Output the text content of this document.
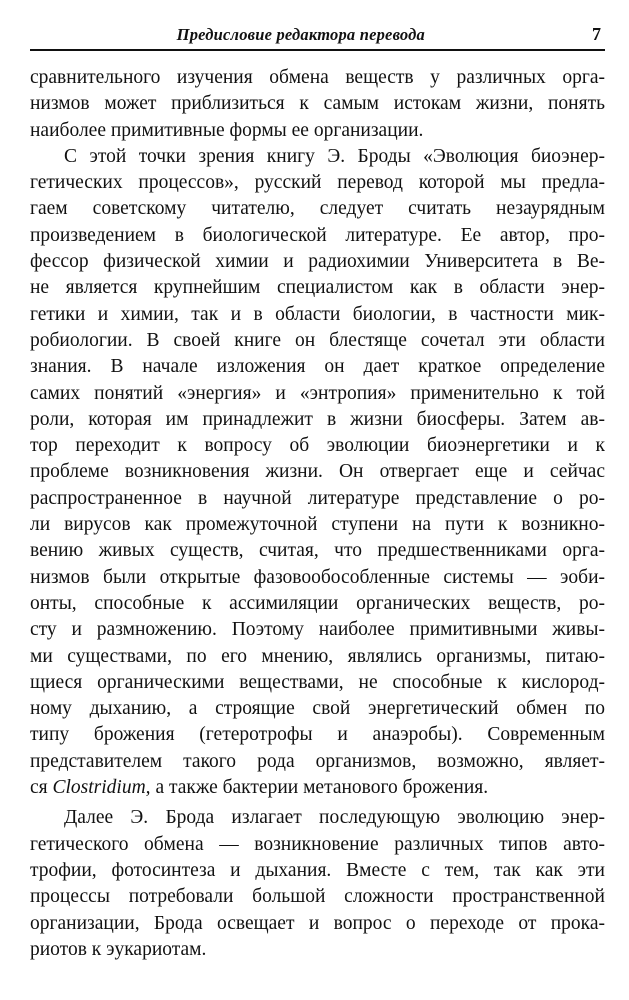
Предисловие редактора перевода	7
сравнительного изучения обмена веществ у различных орга-
низмов может приблизиться к самым истокам жизни, понять
наиболее примитивные формы ее организации.
С этой точки зрения книгу Э. Броды «Эволюция биоэнер-
гетических процессов», русский перевод которой мы предла-
гаем советскому читателю, следует считать незаурядным
произведением в биологической литературе. Ее автор, про-
фессор физической химии и радиохимии Университета в Ве-
не является крупнейшим специалистом как в области энер-
гетики и химии, так и в области биологии, в частности мик-
робиологии. В своей книге он блестяще сочетал эти области
знания. В начале изложения он дает краткое определение
самих понятий «энергия» и «энтропия» применительно к той
роли, которая им принадлежит в жизни биосферы. Затем ав-
тор переходит к вопросу об эволюции биоэнергетики и к
проблеме возникновения жизни. Он отвергает еще и сейчас
распространенное в научной литературе представление о ро-
ли вирусов как промежуточной ступени на пути к возникно-
вению живых существ, считая, что предшественниками орга-
низмов были открытые фазовообособленные системы — эоби-
онты, способные к ассимиляции органических веществ, ро-
сту и размножению. Поэтому наиболее примитивными живы-
ми существами, по его мнению, являлись организмы, питаю-
щиеся органическими веществами, не способные к кислород-
ному дыханию, а строящие свой энергетический обмен по
типу брожения (гетеротрофы и анаэробы). Современным
представителем такого рода организмов, возможно, являет-
ся Clostridium, а также бактерии метанового брожения.
Далее Э. Брода излагает последующую эволюцию энер-
гетического обмена — возникновение различных типов авто-
трофии, фотосинтеза и дыхания. Вместе с тем, так как эти
процессы потребовали большой сложности пространственной
организации, Брода освещает и вопрос о переходе от прока-
риотов к эукариотам.
